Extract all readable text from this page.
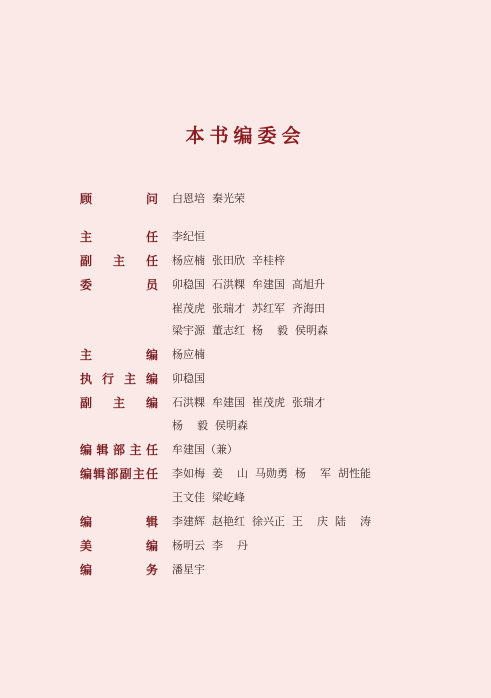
本书编委会
顾	问 白恩培  秦光荣
主	任 李纪恒
副 主 任 杨应楠  张田欣  辛桂梓
委	员 卯稳国  石洪粿  牟建国  高旭升
崔茂虎  张瑞才  苏红军  齐海田
梁宇源  董志红  杨    毅  侯明森
主	编 杨应楠
执 行 主 编 卯稳国
副 主 编 石洪粿  牟建国  崔茂虎  张瑞才
杨    毅  侯明森
编 辑 部 主 任 牟建国（兼）
编 辑 部 副 主 任 李如梅  姜    山  马勋勇  杨    军  胡性能
王文佳  梁屹峰
编	辑 李建辉  赵艳红  徐兴正  王    庆  陆    涛
美	编 杨明云  李    丹
编	务 潘星宇
